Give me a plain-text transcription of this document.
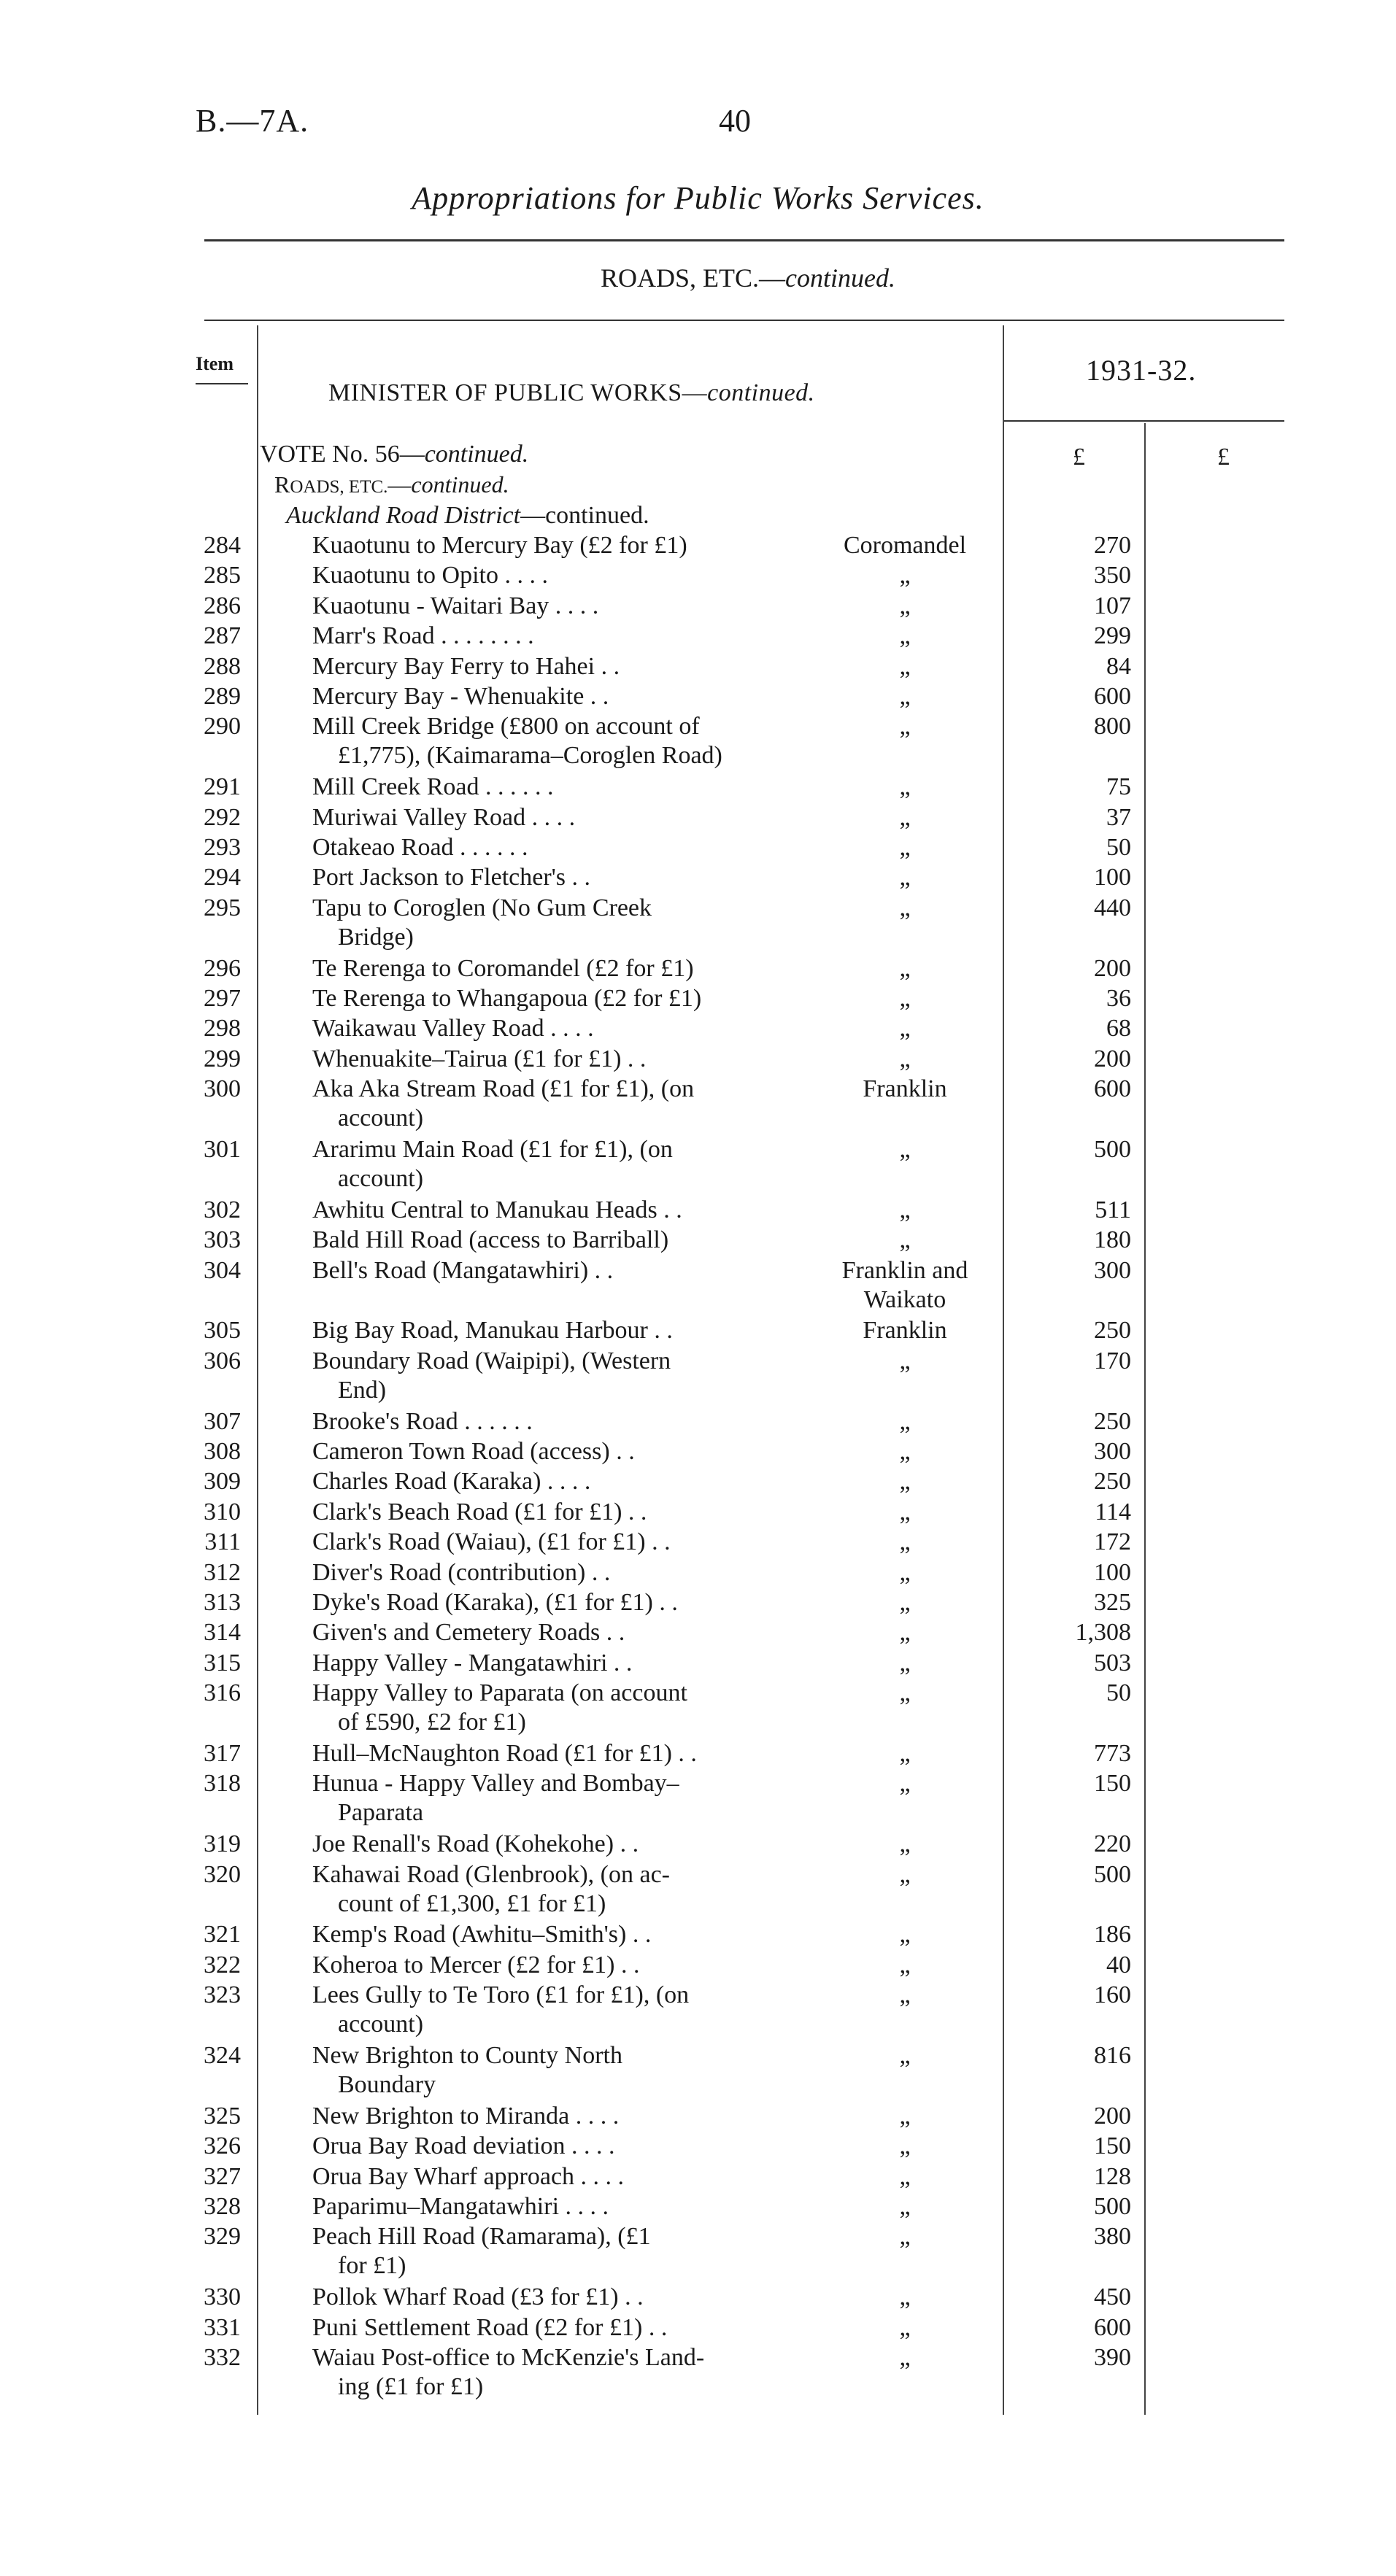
B.—7A.	40
Appropriations for Public Works Services.
ROADS, ETC.—continued.
Item
MINISTER OF PUBLIC WORKS—continued.
1931-32.
£	£
VOTE No. 56—continued.
ROADS, ETC.—continued.
Auckland Road District—continued.
284	Kuaotunu to Mercury Bay (£2 for £1)	Coromandel	270
285	Kuaotunu to Opito . . . .	„	350
286	Kuaotunu - Waitari Bay . . . .	„	107
287	Marr's Road . . . . . . . .	„	299
288	Mercury Bay Ferry to Hahei . .	„	84
289	Mercury Bay - Whenuakite . .	„	600
290	Mill Creek Bridge (£800 on account of	„	800
£1,775), (Kaimarama–Coroglen Road)
291	Mill Creek Road . . . . . .	„	75
292	Muriwai Valley Road . . . .	„	37
293	Otakeao Road . . . . . .	„	50
294	Port Jackson to Fletcher's . .	„	100
295	Tapu to Coroglen (No Gum Creek	„	440
Bridge)
296	Te Rerenga to Coromandel (£2 for £1)	„	200
297	Te Rerenga to Whangapoua (£2 for £1)	„	36
298	Waikawau Valley Road . . . .	„	68
299	Whenuakite–Tairua (£1 for £1) . .	„	200
300	Aka Aka Stream Road (£1 for £1), (on	Franklin	600
account)
301	Ararimu Main Road (£1 for £1), (on	„	500
account)
302	Awhitu Central to Manukau Heads . .	„	511
303	Bald Hill Road (access to Barriball)	„	180
304	Bell's Road (Mangatawhiri) . .	Franklin and	300
Waikato
305	Big Bay Road, Manukau Harbour . .	Franklin	250
306	Boundary Road (Waipipi), (Western	„	170
End)
307	Brooke's Road . . . . . .	„	250
308	Cameron Town Road (access) . .	„	300
309	Charles Road (Karaka) . . . .	„	250
310	Clark's Beach Road (£1 for £1) . .	„	114
311	Clark's Road (Waiau), (£1 for £1) . .	„	172
312	Diver's Road (contribution) . .	„	100
313	Dyke's Road (Karaka), (£1 for £1) . .	„	325
314	Given's and Cemetery Roads . .	„	1,308
315	Happy Valley - Mangatawhiri . .	„	503
316	Happy Valley to Paparata (on account	„	50
of £590, £2 for £1)
317	Hull–McNaughton Road (£1 for £1) . .	„	773
318	Hunua - Happy Valley and Bombay–	„	150
Paparata
319	Joe Renall's Road (Kohekohe) . .	„	220
320	Kahawai Road (Glenbrook), (on ac-	„	500
count of £1,300, £1 for £1)
321	Kemp's Road (Awhitu–Smith's) . .	„	186
322	Koheroa to Mercer (£2 for £1) . .	„	40
323	Lees Gully to Te Toro (£1 for £1), (on	„	160
account)
324	New Brighton to County North	„	816
Boundary
325	New Brighton to Miranda . . . .	„	200
326	Orua Bay Road deviation . . . .	„	150
327	Orua Bay Wharf approach . . . .	„	128
328	Paparimu–Mangatawhiri . . . .	„	500
329	Peach Hill Road (Ramarama), (£1	„	380
for £1)
330	Pollok Wharf Road (£3 for £1) . .	„	450
331	Puni Settlement Road (£2 for £1) . .	„	600
332	Waiau Post-office to McKenzie's Land-	„	390
ing (£1 for £1)
